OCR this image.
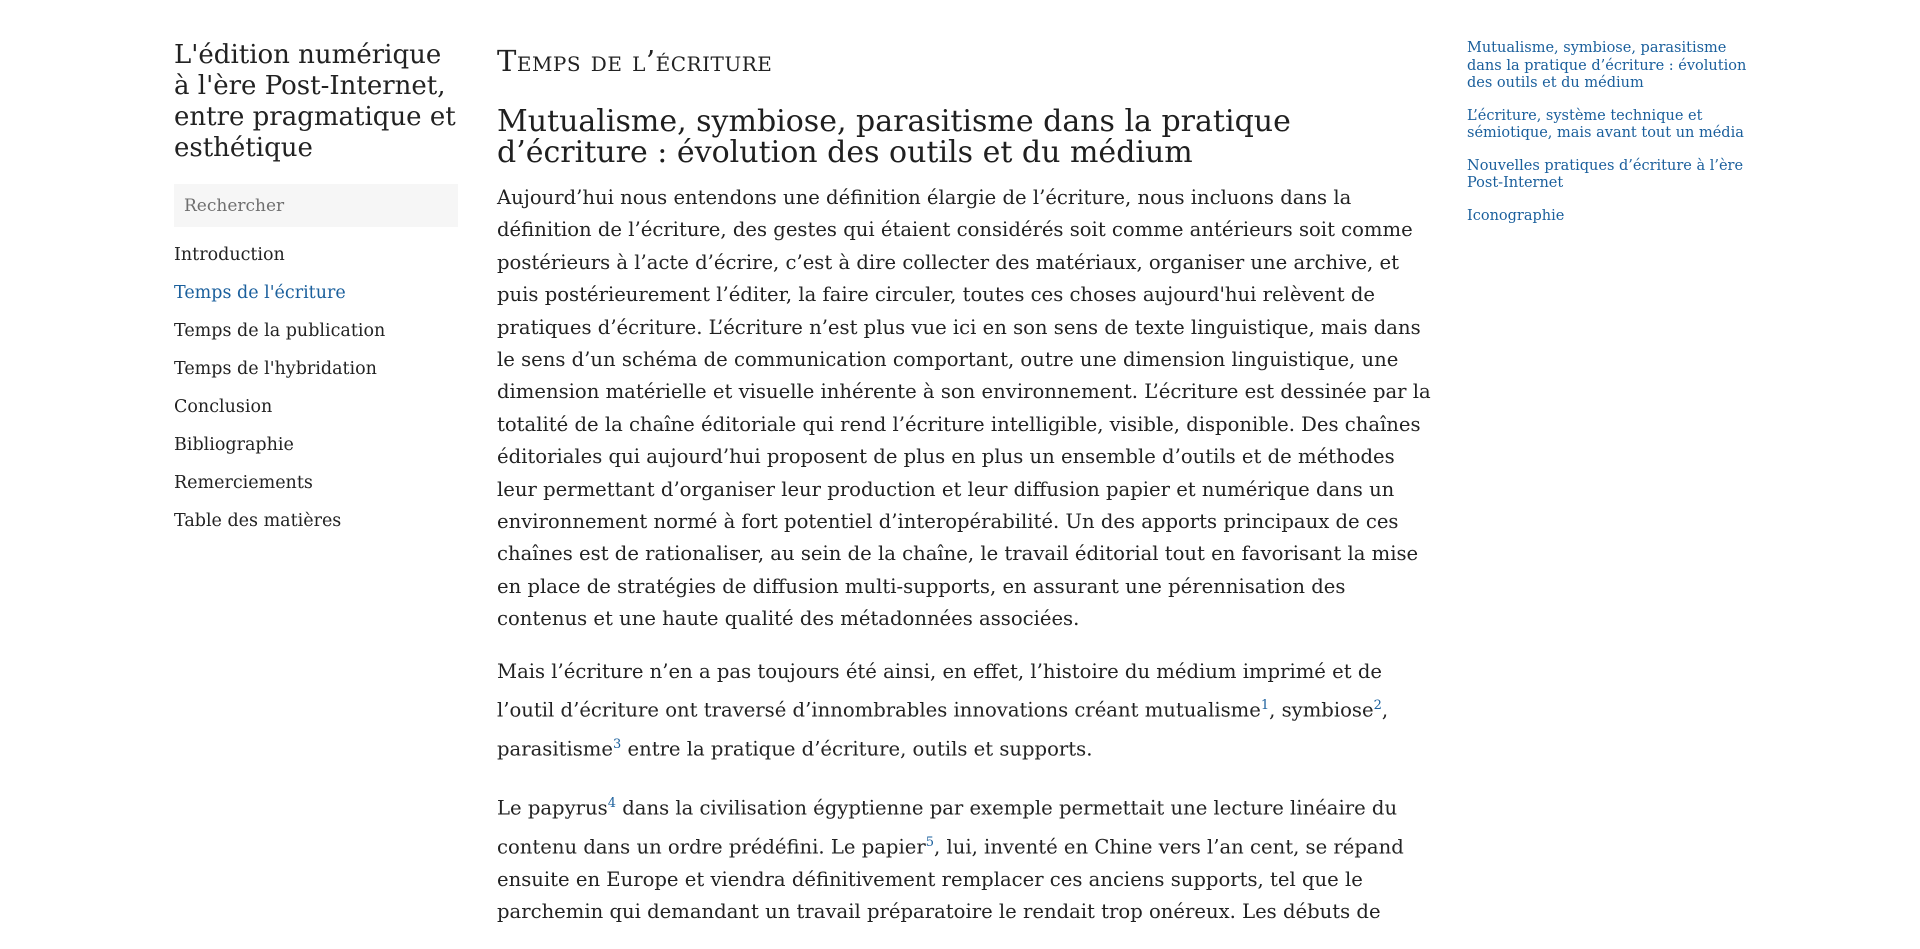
L'édition numérique à l'ère Post-Internet, entre pragmatique et esthétique
Rechercher
Introduction
Temps de l'écriture
Temps de la publication
Temps de l'hybridation
Conclusion
Bibliographie
Remerciements
Table des matières
Temps de l’écriture
Mutualisme, symbiose, parasitisme dans la pratique d’écriture : évolution des outils et du médium

Aujourd’hui nous entendons une définition élargie de l’écriture, nous incluons dans la définition de l’écriture, des gestes qui étaient considérés soit comme antérieurs soit comme postérieurs à l’acte d’écrire, c’est à dire collecter des matériaux, organiser une archive, et puis postérieurement l’éditer, la faire circuler, toutes ces choses aujourd'hui relèvent de pratiques d’écriture. L’écriture n’est plus vue ici en son sens de texte linguistique, mais dans le sens d’un schéma de communication comportant, outre une dimension linguistique, une dimension matérielle et visuelle inhérente à son environnement. L’écriture est dessinée par la totalité de la chaîne éditoriale qui rend l’écriture intelligible, visible, disponible. Des chaînes éditoriales qui aujourd’hui proposent de plus en plus un ensemble d’outils et de méthodes leur permettant d’organiser leur production et leur diffusion papier et numérique dans un environnement normé à fort potentiel d’interopérabilité. Un des apports principaux de ces chaînes est de rationaliser, au sein de la chaîne, le travail éditorial tout en favorisant la mise en place de stratégies de diffusion multi-supports, en assurant une pérennisation des contenus et une haute qualité des métadonnées associées.

Mais l’écriture n’en a pas toujours été ainsi, en effet, l’histoire du médium imprimé et de l’outil d’écriture ont traversé d’innombrables innovations créant mutualisme$^1$, symbiose$^2$, parasitisme$^3$ entre la pratique d’écriture, outils et supports.

Le papyrus$^4$ dans la civilisation égyptienne par exemple permettait une lecture linéaire du contenu dans un ordre prédéfini. Le papier$^5$, lui, inventé en Chine vers l’an cent, se répand ensuite en Europe et viendra définitivement remplacer ces anciens supports, tel que le parchemin qui demandant un travail préparatoire le rendait trop onéreux. Les débuts de

Mutualisme, symbiose, parasitisme dans la pratique d’écriture : évolution des outils et du médium
L’écriture, système technique et sémiotique, mais avant tout un média
Nouvelles pratiques d’écriture à l’ère Post-Internet
Iconographie
